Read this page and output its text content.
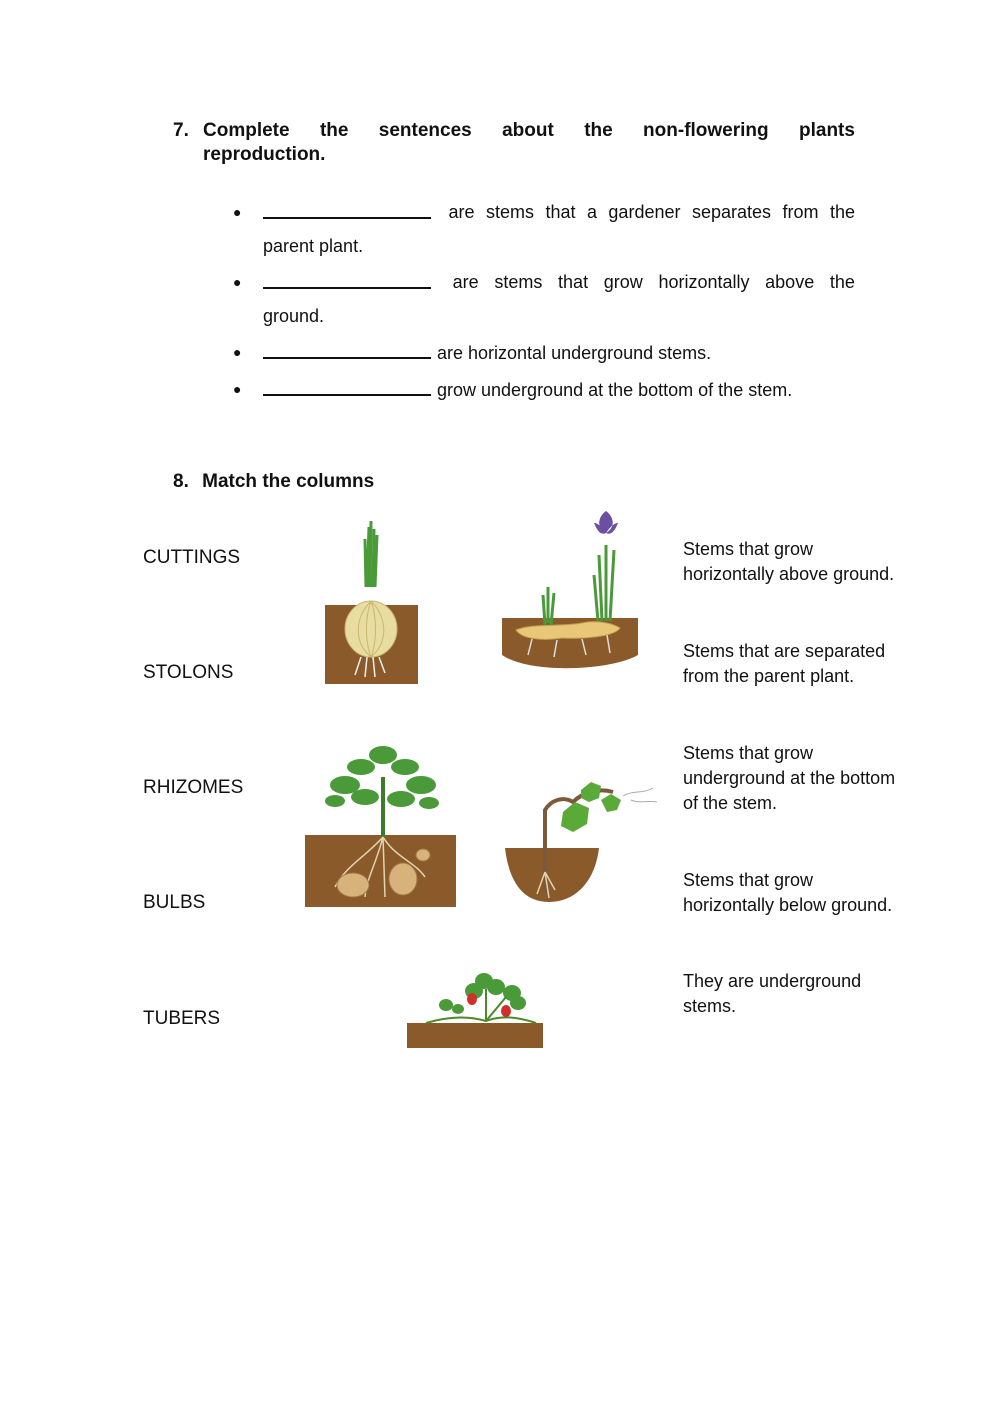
7. Complete the sentences about the non-flowering plants
reproduction.
●	are stems that a gardener separates from the
parent plant.
●	are stems that grow horizontally above the
ground.
●	are horizontal underground stems.
●	grow underground at the bottom of the stem.
8. Match the columns
CUTTINGS
STOLONS
RHIZOMES
BULBS
TUBERS
Stems that grow
horizontally above ground.
Stems that are separated
from the parent plant.
Stems that grow
underground at the bottom
of the stem.
Stems that grow
horizontally below ground.
They are underground
stems.
